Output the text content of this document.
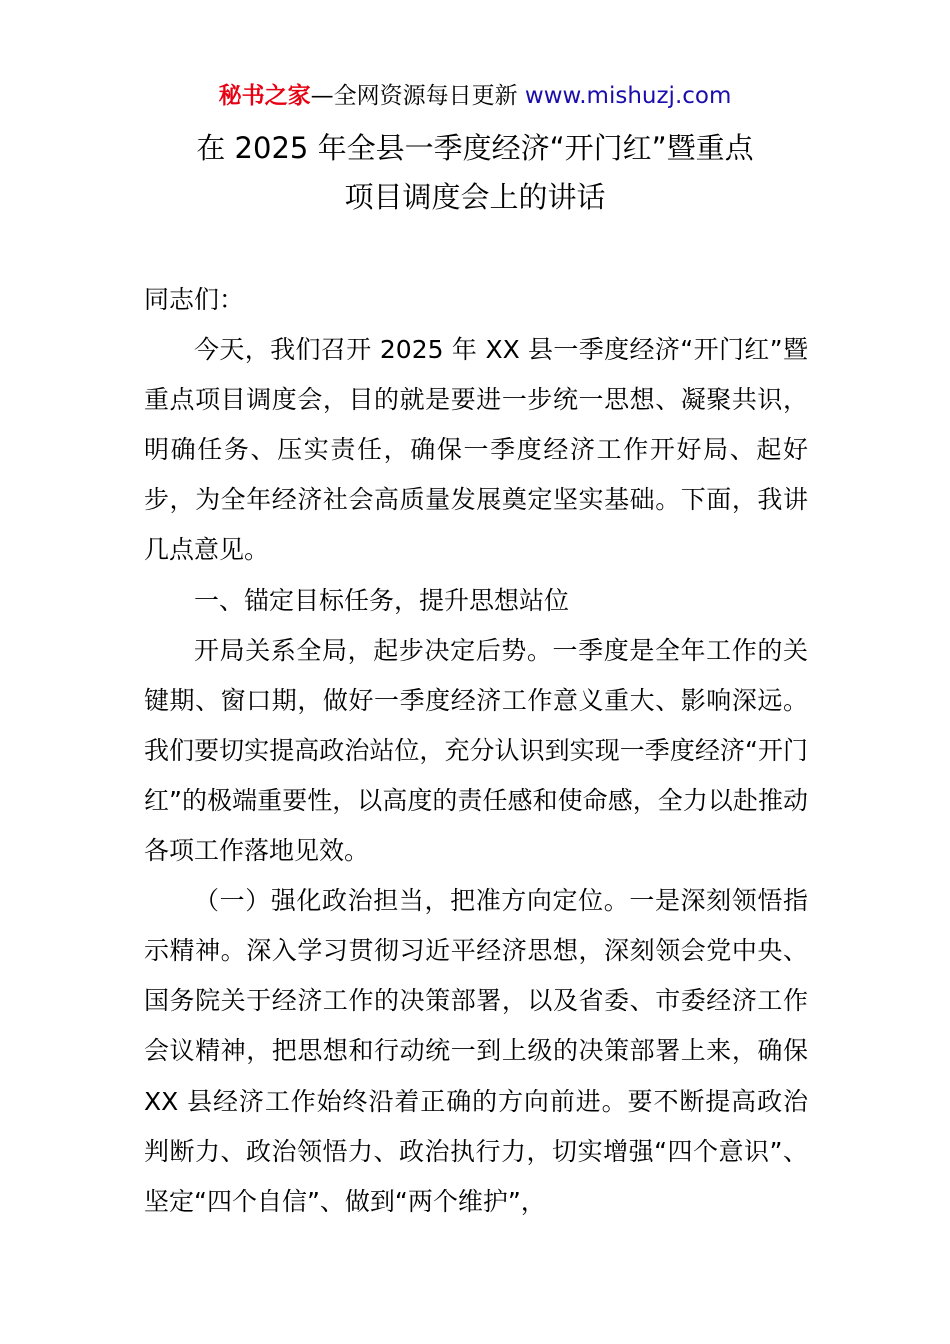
秘书之家—全网资源每日更新 www.mishuzj.com
在 2025 年全县一季度经济“开门红”暨重点
项目调度会上的讲话

同志们：

今天，我们召开 2025 年 XX 县一季度经济“开门红”暨重点项目调度会，目的就是要进一步统一思想、凝聚共识，明确任务、压实责任，确保一季度经济工作开好局、起好步，为全年经济社会高质量发展奠定坚实基础。下面，我讲几点意见。

一、锚定目标任务，提升思想站位

开局关系全局，起步决定后势。一季度是全年工作的关键期、窗口期，做好一季度经济工作意义重大、影响深远。我们要切实提高政治站位，充分认识到实现一季度经济“开门红”的极端重要性，以高度的责任感和使命感，全力以赴推动各项工作落地见效。

（一）强化政治担当，把准方向定位。一是深刻领悟指示精神。深入学习贯彻习近平经济思想，深刻领会党中央、国务院关于经济工作的决策部署，以及省委、市委经济工作会议精神，把思想和行动统一到上级的决策部署上来，确保 XX 县经济工作始终沿着正确的方向前进。要不断提高政治判断力、政治领悟力、政治执行力，切实增强“四个意识”、坚定“四个自信”、做到“两个维护”，
